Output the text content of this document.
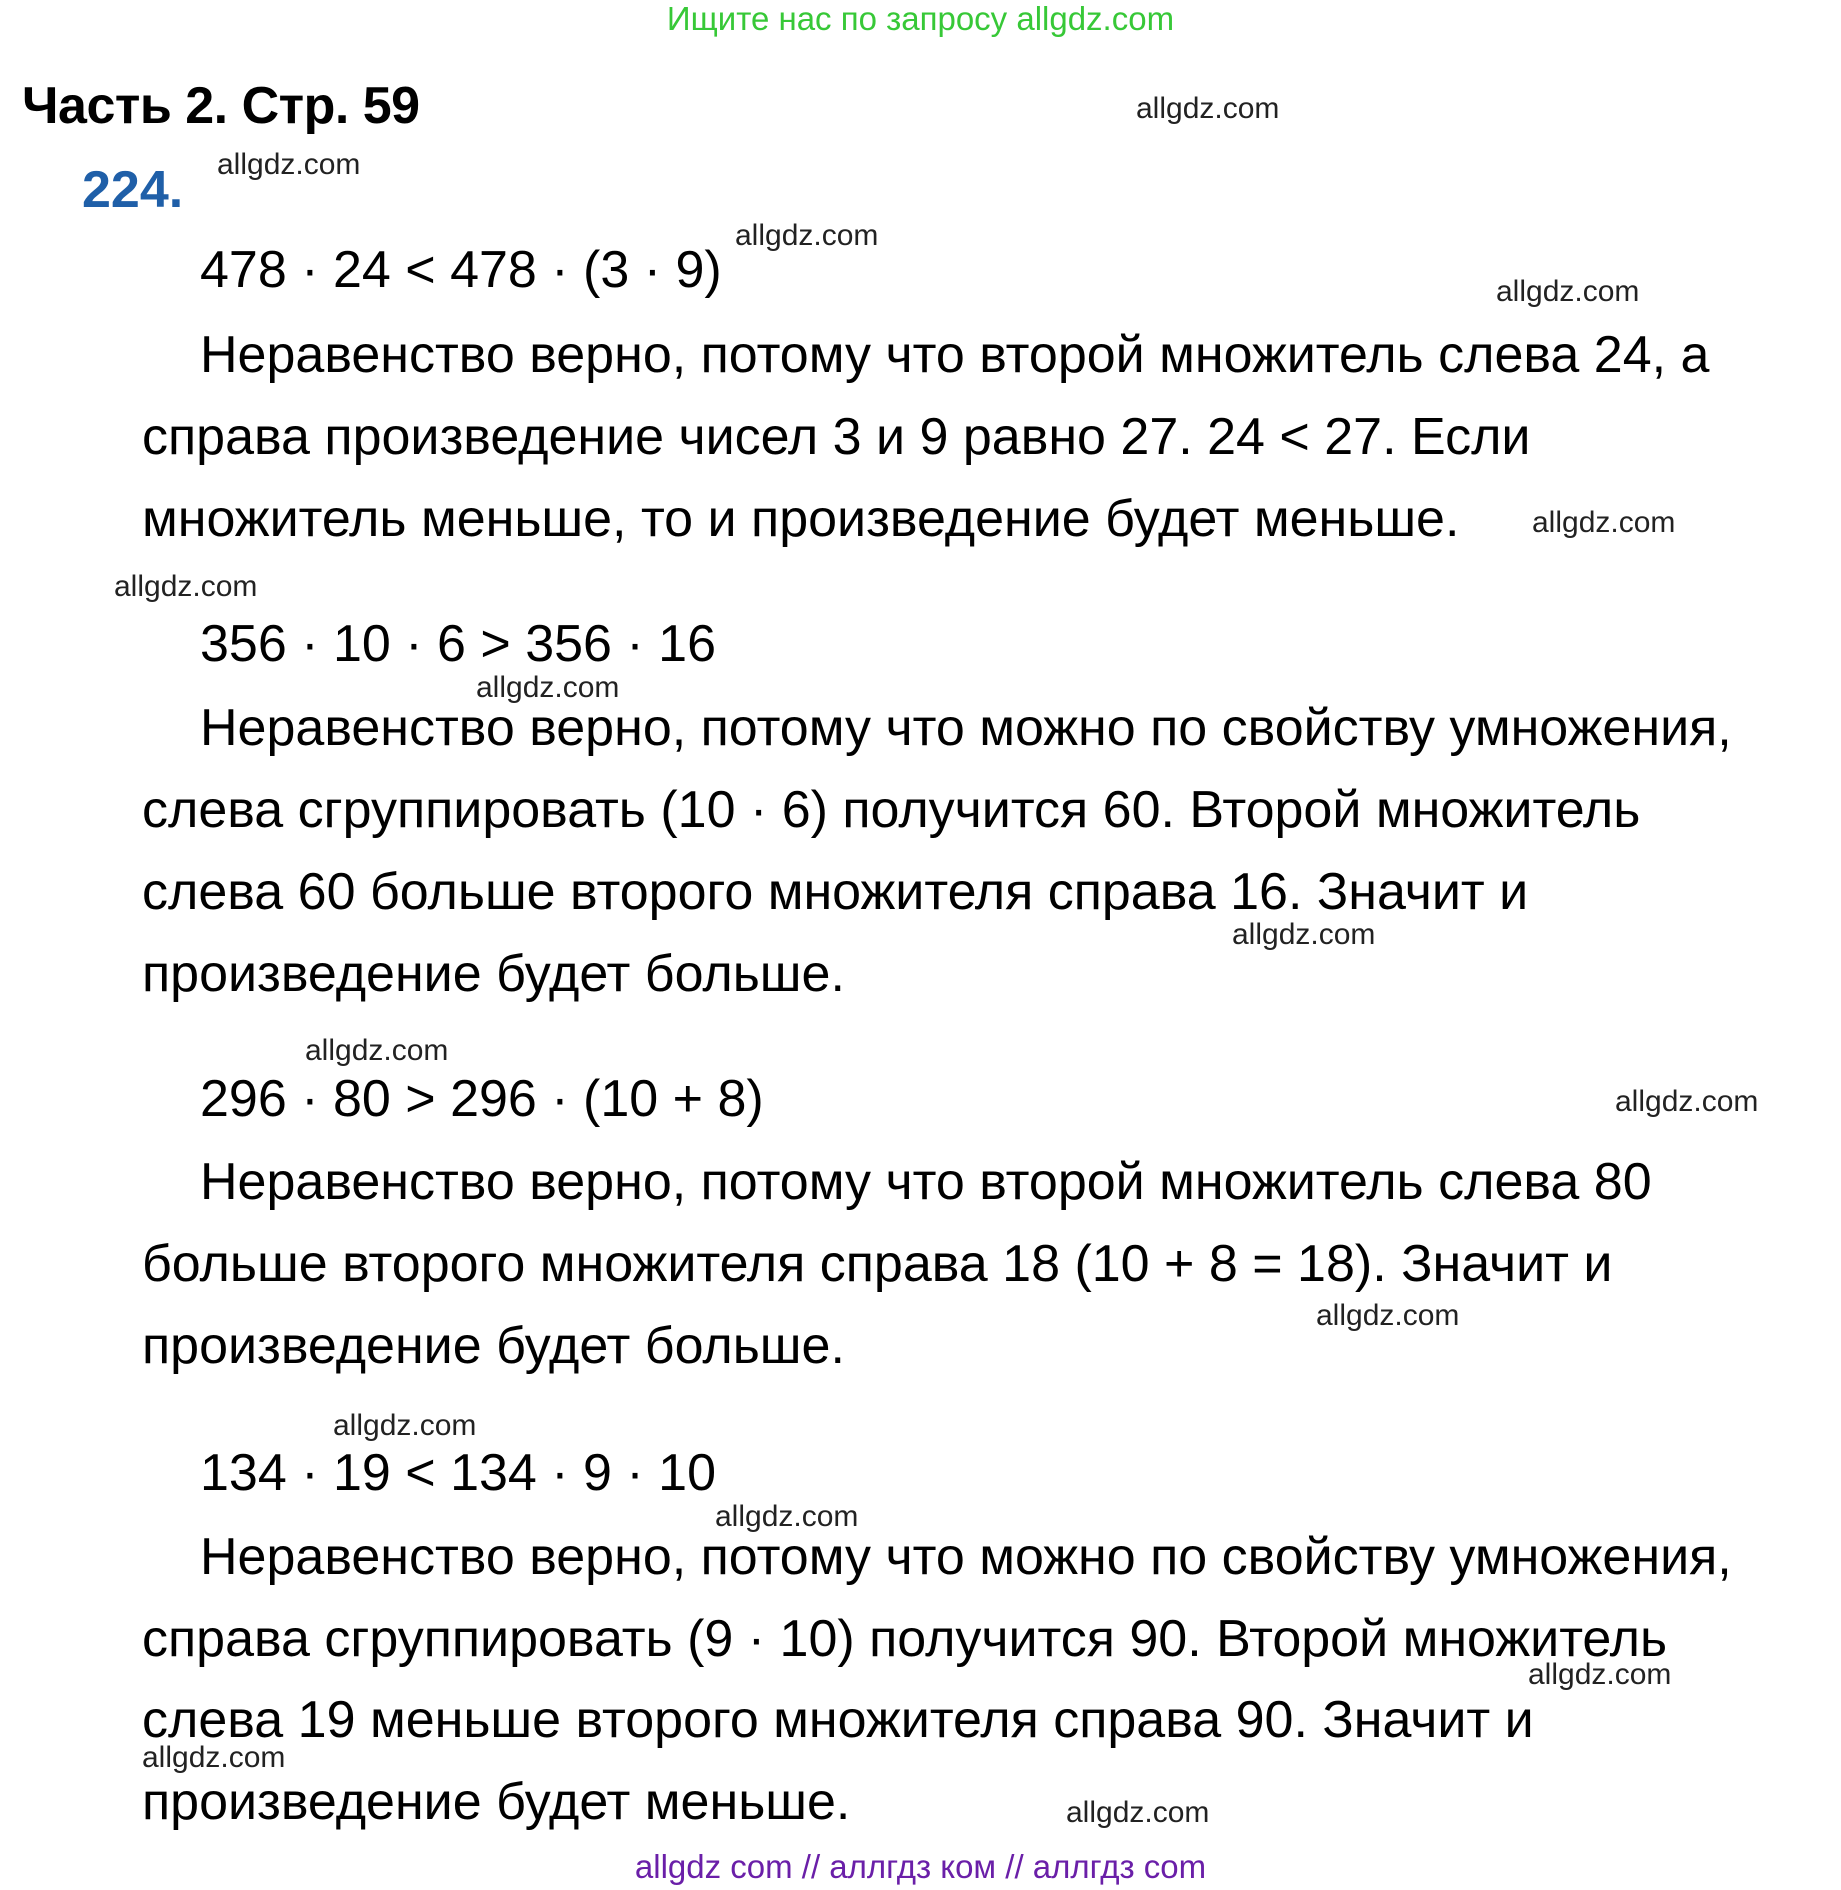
Ищите нас по запросу allgdz.com
Часть 2. Стр. 59
224.
allgdz.com
allgdz.com
allgdz.com
allgdz.com
allgdz.com
allgdz.com
allgdz.com
allgdz.com
allgdz.com
allgdz.com
allgdz.com
allgdz.com
allgdz.com
allgdz.com
allgdz.com
allgdz.com
478 · 24 < 478 · (3 · 9)
Неравенство верно, потому что второй множитель слева 24, а
справа произведение чисел 3 и 9 равно 27. 24 < 27. Если
множитель меньше, то и произведение будет меньше.
356 · 10 · 6 > 356 · 16
Неравенство верно, потому что можно по свойству умножения,
слева сгруппировать (10 · 6) получится 60. Второй множитель
слева 60 больше второго множителя справа 16. Значит и
произведение будет больше.
296 · 80 > 296 · (10 + 8)
Неравенство верно, потому что второй множитель слева 80
больше второго множителя справа 18 (10 + 8 = 18). Значит и
произведение будет больше.
134 · 19 < 134 · 9 · 10
Неравенство верно, потому что можно по свойству умножения,
справа сгруппировать (9 · 10) получится 90. Второй множитель
слева 19 меньше второго множителя справа 90. Значит и
произведение будет меньше.
allgdz com // аллгдз ком // аллгдз com
